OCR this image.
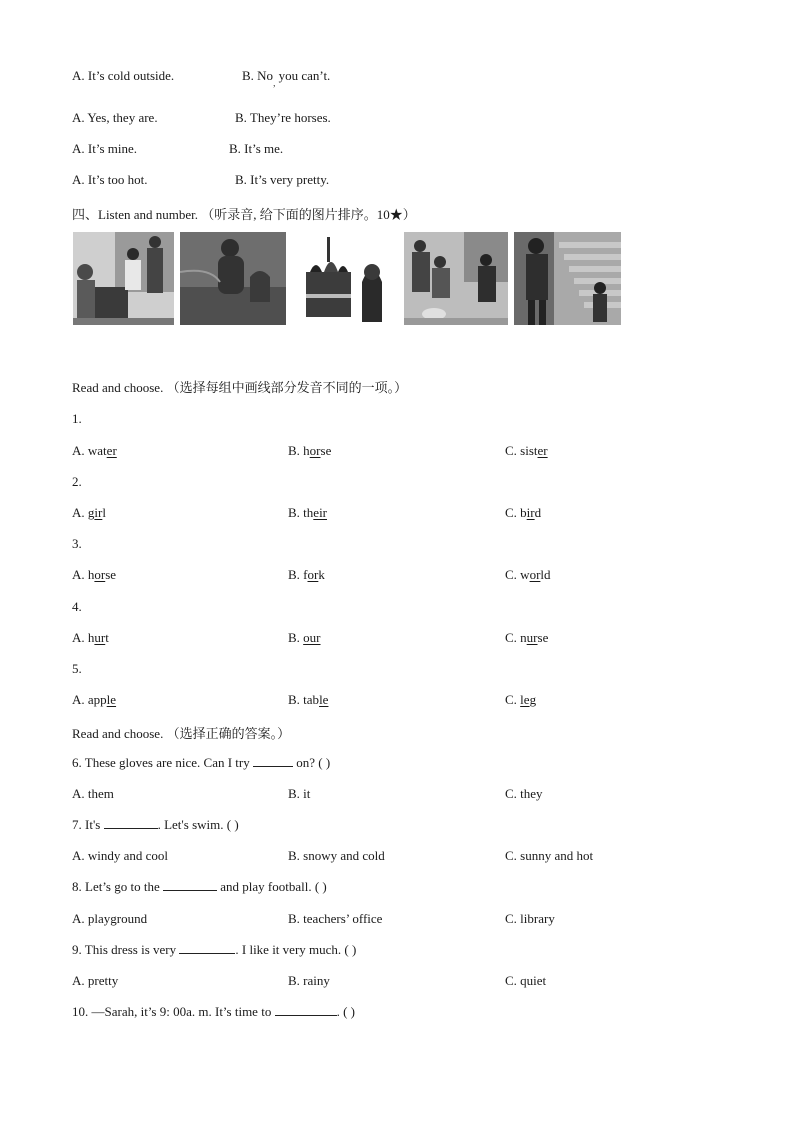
A. It’s cold outside.	B. $No_,$ you can’t.
A. Yes, they are.	B. They’re horses.
A. It’s mine.	B. It’s me.
A. It’s too hot.	B. It’s very pretty.
四、Listen and number. （听录音, 给下面的图片排序。10★）
Read and choose. （选择每组中画线部分发音不同的一项。）
1.
A. water	B. horse	C. sister
2.
A. girl	B. their	C. bird
3.
A. horse	B. fork	C. world
4.
A. hurt	B. our	C. nurse
5.
A. apple	B. table	C. leg
Read and choose. （选择正确的答案。）
6. These gloves are nice. Can I try	on? ( )
A. them	B. it	C. they
7. It's	. Let's swim. ( )
A. windy and cool	B. snowy and cold	C. sunny and hot
8. Let’s go to the	and play football. ( )
A. playground	B. teachers’ office	C. library
9. This dress is very	. I like it very much. ( )
A. pretty	B. rainy	C. quiet
10. —Sarah, it’s 9: 00a. m. It’s time to	. ( )
